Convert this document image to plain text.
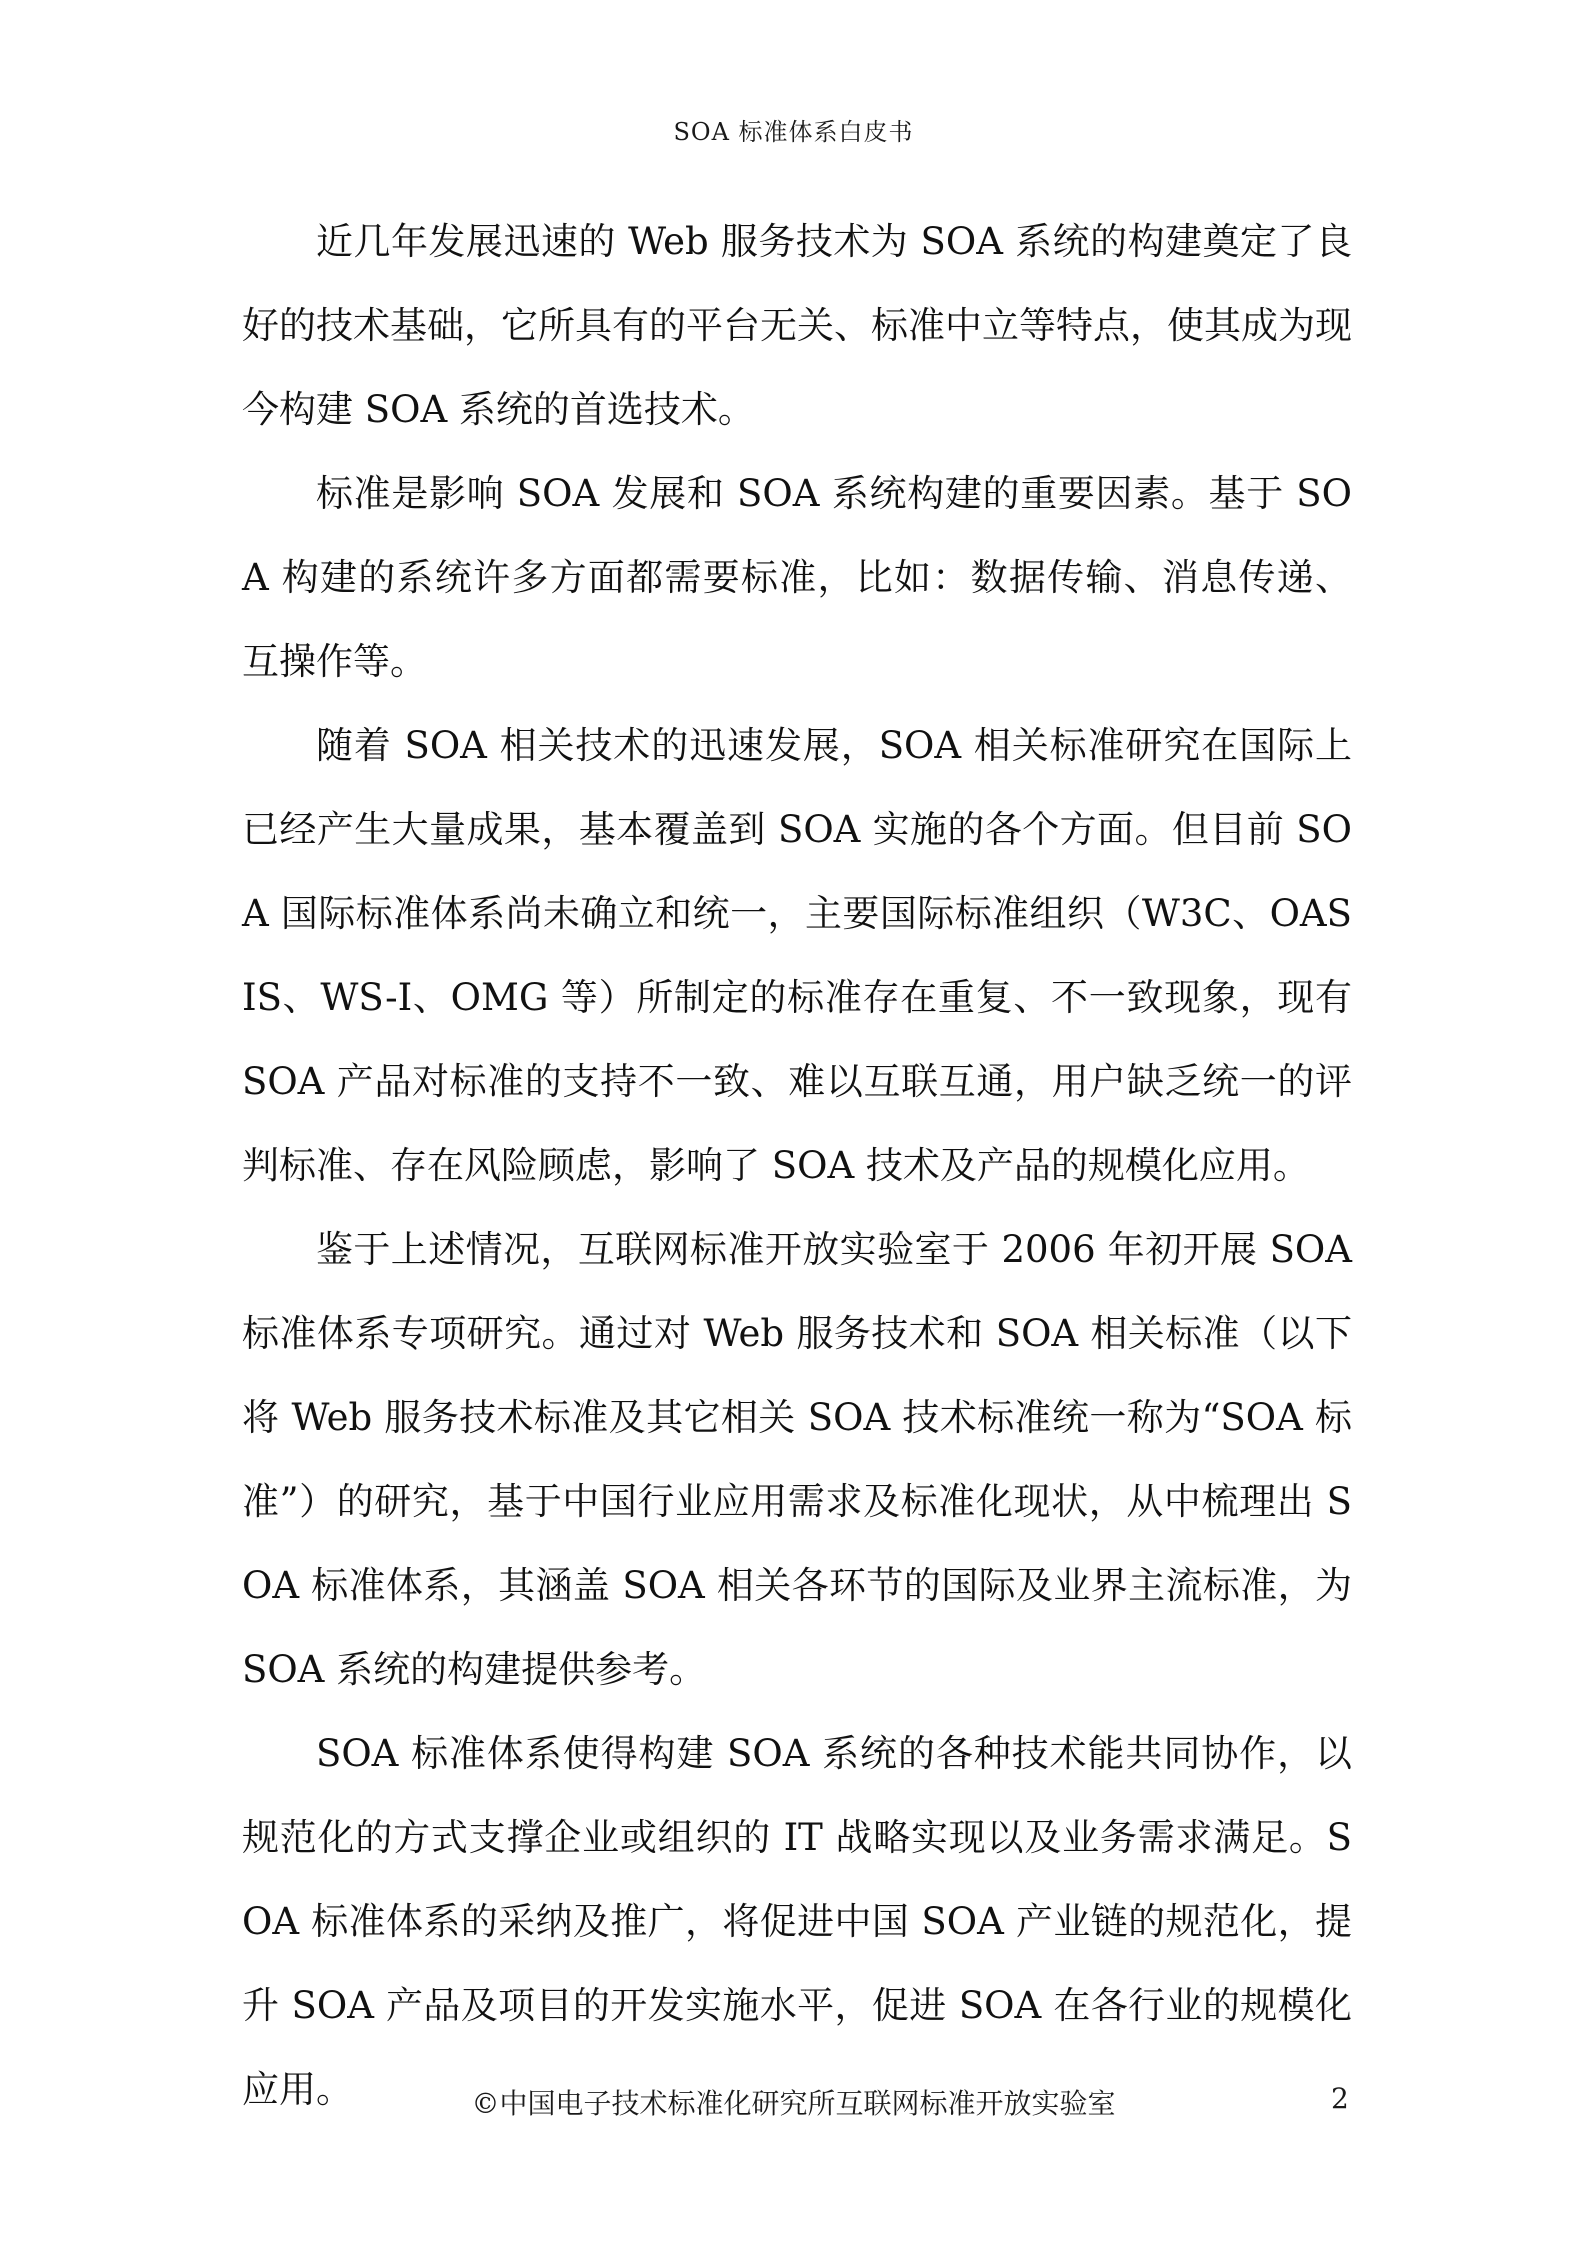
SOA 标准体系白皮书

近几年发展迅速的 Web 服务技术为 SOA 系统的构建奠定了良好的技术基础，它所具有的平台无关、标准中立等特点，使其成为现今构建 SOA 系统的首选技术。

标准是影响 SOA 发展和 SOA 系统构建的重要因素。基于 SOA 构建的系统许多方面都需要标准，比如：数据传输、消息传递、互操作等。

随着 SOA 相关技术的迅速发展，SOA 相关标准研究在国际上已经产生大量成果，基本覆盖到 SOA 实施的各个方面。但目前 SOA 国际标准体系尚未确立和统一，主要国际标准组织（W3C、OASIS、WS-I、OMG 等）所制定的标准存在重复、不一致现象，现有 SOA 产品对标准的支持不一致、难以互联互通，用户缺乏统一的评判标准、存在风险顾虑，影响了 SOA 技术及产品的规模化应用。

鉴于上述情况，互联网标准开放实验室于 2006 年初开展 SOA 标准体系专项研究。通过对 Web 服务技术和 SOA 相关标准（以下将 Web 服务技术标准及其它相关 SOA 技术标准统一称为“SOA 标准”）的研究，基于中国行业应用需求及标准化现状，从中梳理出 SOA 标准体系，其涵盖 SOA 相关各环节的国际及业界主流标准，为 SOA 系统的构建提供参考。

SOA 标准体系使得构建 SOA 系统的各种技术能共同协作，以规范化的方式支撑企业或组织的 IT 战略实现以及业务需求满足。SOA 标准体系的采纳及推广，将促进中国 SOA 产业链的规范化，提升 SOA 产品及项目的开发实施水平，促进 SOA 在各行业的规模化应用。	©中国电子技术标准化研究所互联网标准开放实验室	2
